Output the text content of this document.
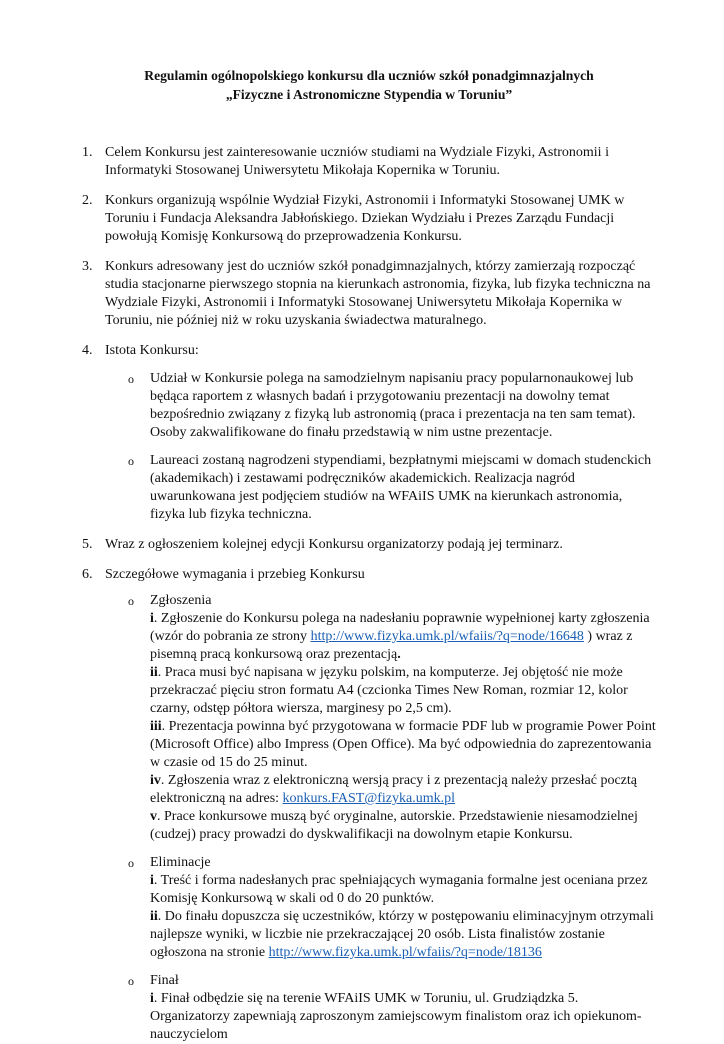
Regulamin ogólnopolskiego konkursu dla uczniów szkół ponadgimnazjalnych
„Fizyczne i Astronomiczne Stypendia w Toruniu”
1. Celem Konkursu jest zainteresowanie uczniów studiami na Wydziale Fizyki, Astronomii i Informatyki Stosowanej Uniwersytetu Mikołaja Kopernika w Toruniu.
2. Konkurs organizują wspólnie Wydział Fizyki, Astronomii i Informatyki Stosowanej UMK w Toruniu i Fundacja Aleksandra Jabłońskiego. Dziekan Wydziału i Prezes Zarządu Fundacji powołują Komisję Konkursową do przeprowadzenia Konkursu.
3. Konkurs adresowany jest do uczniów szkół ponadgimnazjalnych, którzy zamierzają rozpocząć studia stacjonarne pierwszego stopnia na kierunkach astronomia, fizyka, lub fizyka techniczna na Wydziale Fizyki, Astronomii i Informatyki Stosowanej Uniwersytetu Mikołaja Kopernika w Toruniu, nie później niż w roku uzyskania świadectwa maturalnego.
4. Istota Konkursu:
o Udział w Konkursie polega na samodzielnym napisaniu pracy popularnonaukowej lub będąca raportem z własnych badań i przygotowaniu prezentacji na dowolny temat bezpośrednio związany z fizyką lub astronomią (praca i prezentacja na ten sam temat). Osoby zakwalifikowane do finału przedstawią w nim ustne prezentacje.
o Laureaci zostaną nagrodzeni stypendiami, bezpłatnymi miejscami w domach studenckich (akademikach) i zestawami podręczników akademickich. Realizacja nagród uwarunkowana jest podjęciem studiów na WFAiIS UMK na kierunkach astronomia, fizyka lub fizyka techniczna.
5. Wraz z ogłoszeniem kolejnej edycji Konkursu organizatorzy podają jej terminarz.
6. Szczegółowe wymagania i przebieg Konkursu
o Zgłoszenia
i. Zgłoszenie do Konkursu polega na nadesłaniu poprawnie wypełnionej karty zgłoszenia (wzór do pobrania ze strony http://www.fizyka.umk.pl/wfaiis/?q=node/16648 ) wraz z pisemną pracą konkursową oraz prezentacją.
ii. Praca musi być napisana w języku polskim, na komputerze. Jej objętość nie może przekraczać pięciu stron formatu A4 (czcionka Times New Roman, rozmiar 12, kolor czarny, odstęp półtora wiersza, marginesy po 2,5 cm).
iii. Prezentacja powinna być przygotowana w formacie PDF lub w programie Power Point (Microsoft Office) albo Impress (Open Office). Ma być odpowiednia do zaprezentowania w czasie od 15 do 25 minut.
iv. Zgłoszenia wraz z elektroniczną wersją pracy i z prezentacją należy przesłać pocztą elektroniczną na adres: konkurs.FAST@fizyka.umk.pl
v. Prace konkursowe muszą być oryginalne, autorskie. Przedstawienie niesamodzielnej (cudzej) pracy prowadzi do dyskwalifikacji na dowolnym etapie Konkursu.
o Eliminacje
i. Treść i forma nadesłanych prac spełniających wymagania formalne jest oceniana przez Komisję Konkursową w skali od 0 do 20 punktów.
ii. Do finału dopuszcza się uczestników, którzy w postępowaniu eliminacyjnym otrzymali najlepsze wyniki, w liczbie nie przekraczającej 20 osób. Lista finalistów zostanie ogłoszona na stronie http://www.fizyka.umk.pl/wfaiis/?q=node/18136
o Finał
i. Finał odbędzie się na terenie WFAiIS UMK w Toruniu, ul. Grudziądzka 5. Organizatorzy zapewniają zaproszonym zamiejscowym finalistom oraz ich opiekunom-nauczycielom
